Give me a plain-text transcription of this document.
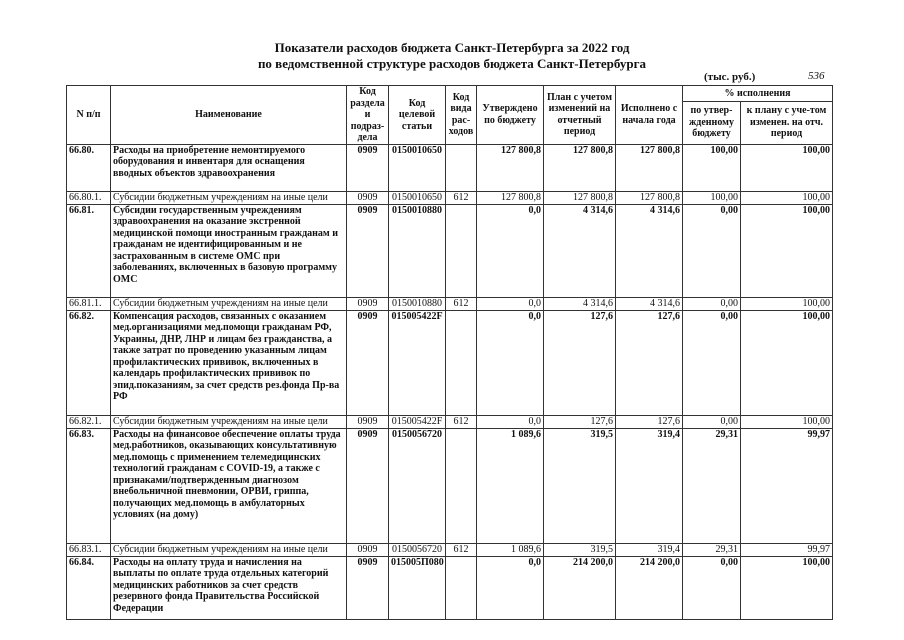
Показатели расходов бюджета Санкт-Петербурга за 2022 год
по ведомственной структуре расходов бюджета Санкт-Петербурга
(тыс. руб.)	536
N п/п	Наименование	Код раздела и подраз-дела	Код целевой статьи	Код вида рас-ходов	Утверждено по бюджету	План с учетом изменений на отчетный период	Исполнено с начала года	% исполнения	
								по утвер-жденному бюджету	к плану с уче-том изменен. на отч. период
66.80.	Расходы на приобретение немонтируемого оборудования и инвентаря для оснащения вводных объектов здравоохранения	0909	0150010650		127 800,8	127 800,8	127 800,8	100,00	100,00
66.80.1.	Субсидии бюджетным учреждениям на иные цели	0909	0150010650	612	127 800,8	127 800,8	127 800,8	100,00	100,00
66.81.	Субсидии государственным учреждениям здравоохранения на оказание экстренной медицинской помощи иностранным гражданам и гражданам не идентифицированным и не застрахованным в системе ОМС при заболеваниях, включенных в базовую программу ОМС	0909	0150010880		0,0	4 314,6	4 314,6	0,00	100,00
66.81.1.	Субсидии бюджетным учреждениям на иные цели	0909	0150010880	612	0,0	4 314,6	4 314,6	0,00	100,00
66.82.	Компенсация расходов, связанных с оказанием мед.организациями мед.помощи гражданам РФ, Украины, ДНР, ЛНР и лицам без гражданства, а также затрат по проведению указанным лицам профилактических прививок, включенных в календарь профилактических прививок по эпид.показаниям, за счет средств рез.фонда Пр-ва РФ	0909	015005422F		0,0	127,6	127,6	0,00	100,00
66.82.1.	Субсидии бюджетным учреждениям на иные цели	0909	015005422F	612	0,0	127,6	127,6	0,00	100,00
66.83.	Расходы на финансовое обеспечение оплаты труда мед.работников, оказывающих консультативную мед.помощь с применением телемедицинских технологий гражданам с COVID-19, а также с признаками/подтвержденным диагнозом внебольничной пневмонии, ОРВИ, гриппа, получающих мед.помощь в амбулаторных условиях (на дому)	0909	0150056720		1 089,6	319,5	319,4	29,31	99,97
66.83.1.	Субсидии бюджетным учреждениям на иные цели	0909	0150056720	612	1 089,6	319,5	319,4	29,31	99,97
66.84.	Расходы на оплату труда и начисления на выплаты по оплате труда отдельных категорий медицинских работников за счет средств резервного фонда Правительства Российской Федерации	0909	015005П080		0,0	214 200,0	214 200,0	0,00	100,00
